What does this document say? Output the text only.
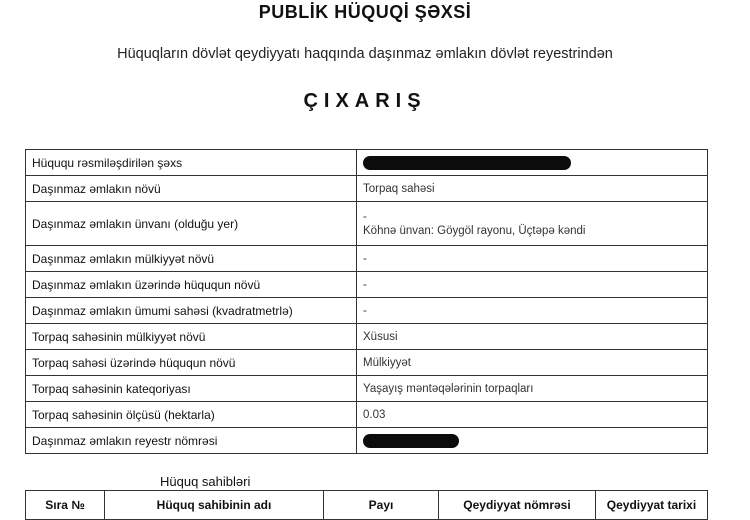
PUBLİK HÜQUQİ ŞƏXSİ
Hüquqların dövlət qeydiyyatı haqqında daşınmaz əmlakın dövlət reyestrindən
ÇIXARIŞ
Hüququ rəsmiləşdirilən şəxs	
Daşınmaz əmlakın növü	Torpaq sahəsi
Daşınmaz əmlakın ünvanı (olduğu yer)	-
Köhnə ünvan: Göygöl rayonu, Üçtəpə kəndi

Daşınmaz əmlakın mülkiyyət növü	-
Daşınmaz əmlakın üzərində hüququn növü	-
Daşınmaz əmlakın ümumi sahəsi (kvadratmetrlə)	-
Torpaq sahəsinin mülkiyyət növü	Xüsusi
Torpaq sahəsi üzərində hüququn növü	Mülkiyyət
Torpaq sahəsinin kateqoriyası	Yaşayış məntəqələrinin torpaqları
Torpaq sahəsinin ölçüsü (hektarla)	0.03
Daşınmaz əmlakın reyestr nömrəsi	
Hüquq sahibləri
Sıra №	Hüquq sahibinin adı	Payı	Qeydiyyat nömrəsi	Qeydiyyat tarixi
